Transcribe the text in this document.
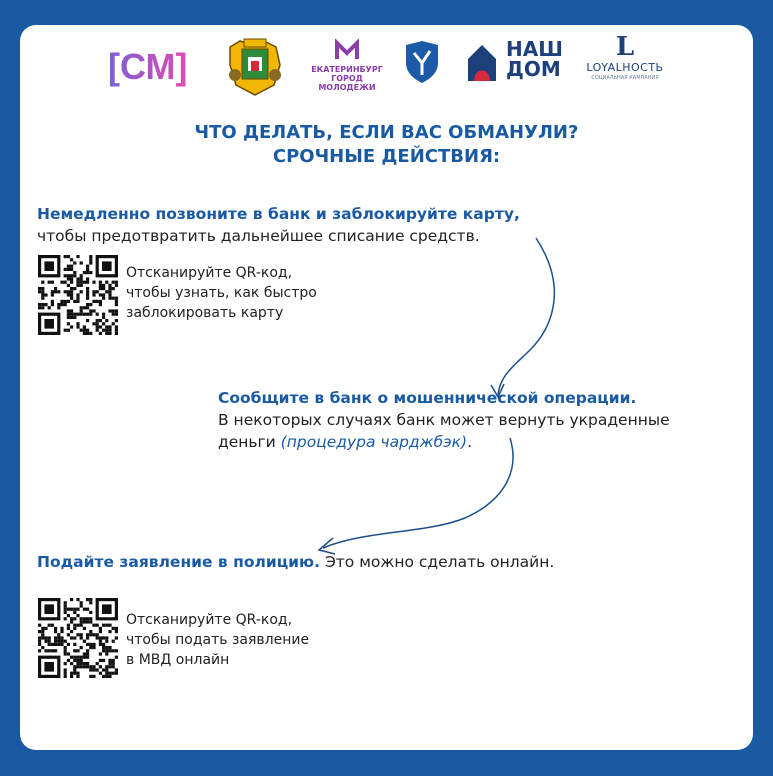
[СМ]	ЕКАТЕРИНБУРГ
ГОРОД МОЛОДЕЖИ
НАШ
ДОМ
L
LOYALНОСТЬ
СОЦИАЛЬНАЯ КАМПАНИЯ
ЧТО ДЕЛАТЬ, ЕСЛИ ВАС ОБМАНУЛИ?
СРОЧНЫЕ ДЕЙСТВИЯ:
Немедленно позвоните в банк и заблокируйте карту,
чтобы предотвратить дальнейшее списание средств.
Отсканируйте QR-код,
чтобы узнать, как быстро
заблокировать карту
Сообщите в банк о мошеннической операции.
В некоторых случаях банк может вернуть украденные
деньги (процедура чарджбэк).
Подайте заявление в полицию. Это можно сделать онлайн.
Отсканируйте QR-код,
чтобы подать заявление
в МВД онлайн
